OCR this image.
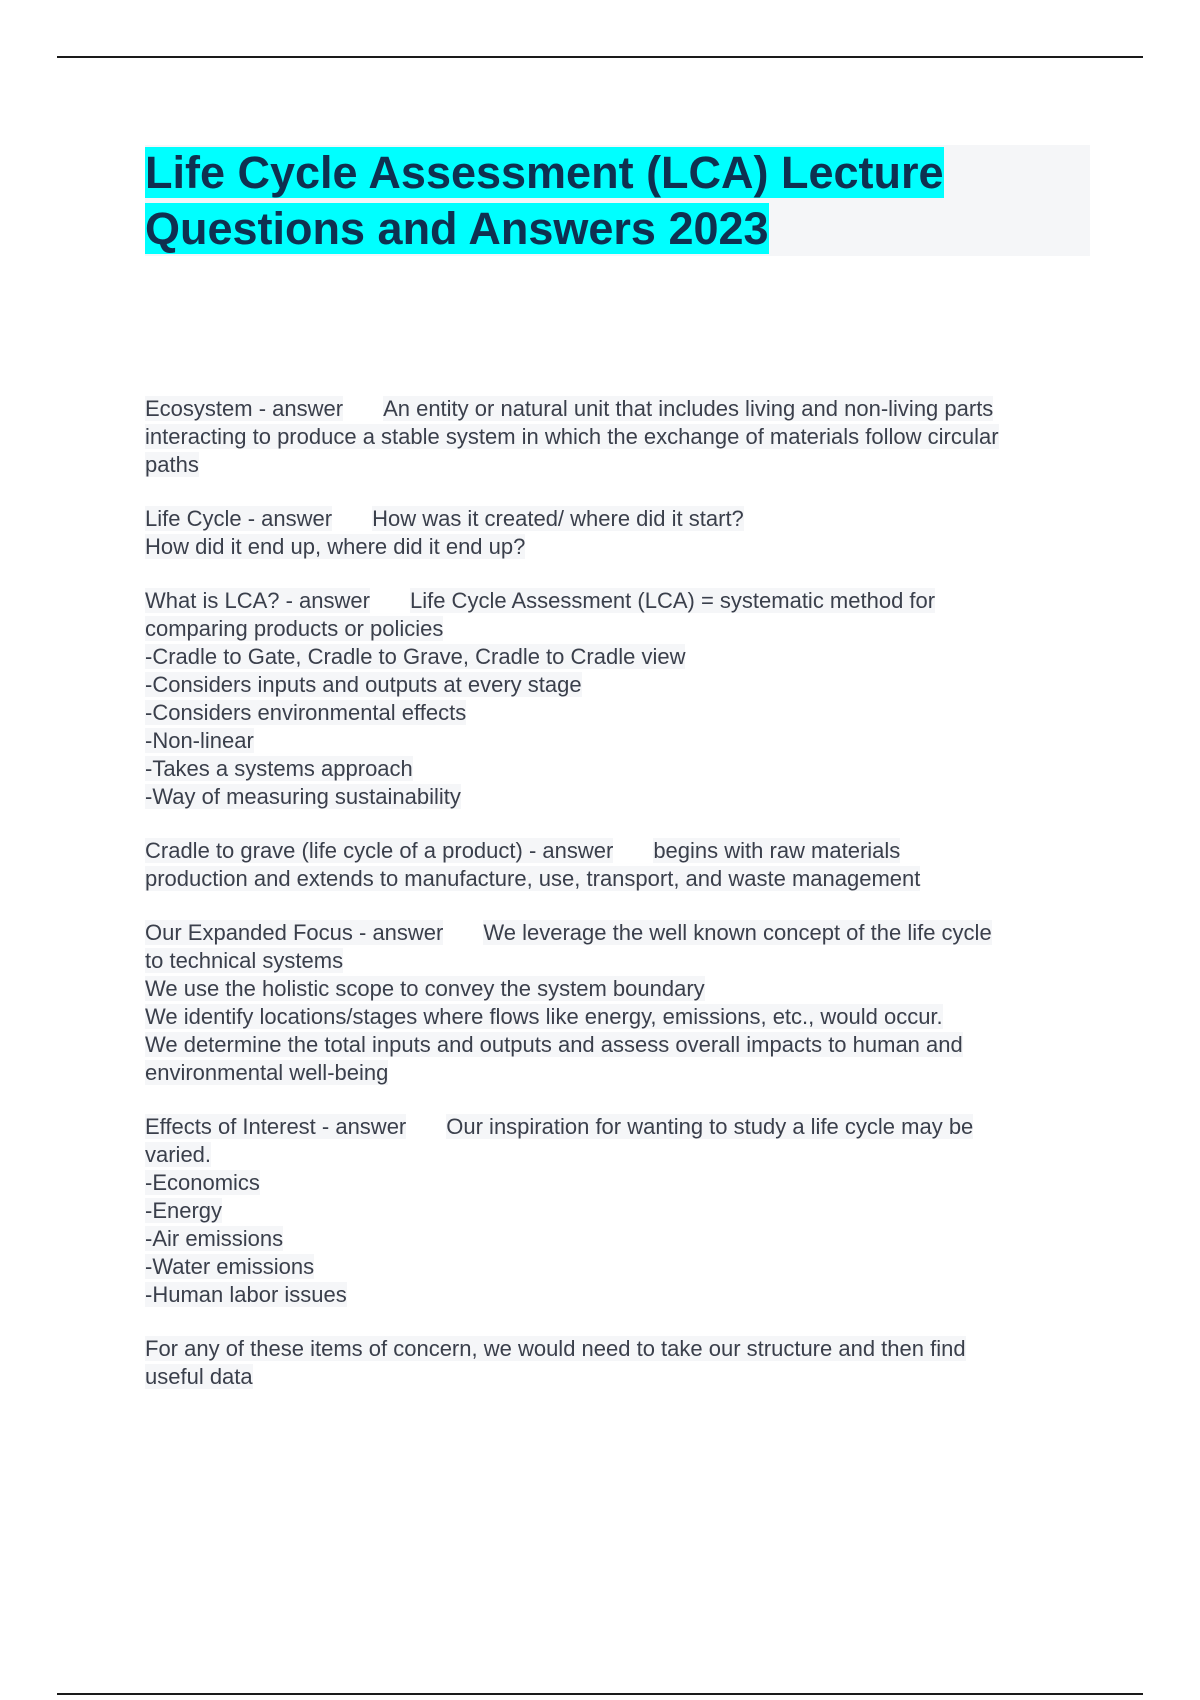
Life Cycle Assessment (LCA) Lecture
Questions and Answers 2023

Ecosystem - answer An entity or natural unit that includes living and non-living parts
interacting to produce a stable system in which the exchange of materials follow circular
paths

Life Cycle - answer How was it created/ where did it start?
How did it end up, where did it end up?

What is LCA? - answer Life Cycle Assessment (LCA) = systematic method for
comparing products or policies
-Cradle to Gate, Cradle to Grave, Cradle to Cradle view
-Considers inputs and outputs at every stage
-Considers environmental effects
-Non-linear
-Takes a systems approach
-Way of measuring sustainability

Cradle to grave (life cycle of a product) - answer begins with raw materials
production and extends to manufacture, use, transport, and waste management

Our Expanded Focus - answer We leverage the well known concept of the life cycle
to technical systems
We use the holistic scope to convey the system boundary
We identify locations/stages where flows like energy, emissions, etc., would occur.
We determine the total inputs and outputs and assess overall impacts to human and
environmental well-being

Effects of Interest - answer Our inspiration for wanting to study a life cycle may be
varied.
-Economics
-Energy
-Air emissions
-Water emissions
-Human labor issues

For any of these items of concern, we would need to take our structure and then find
useful data
